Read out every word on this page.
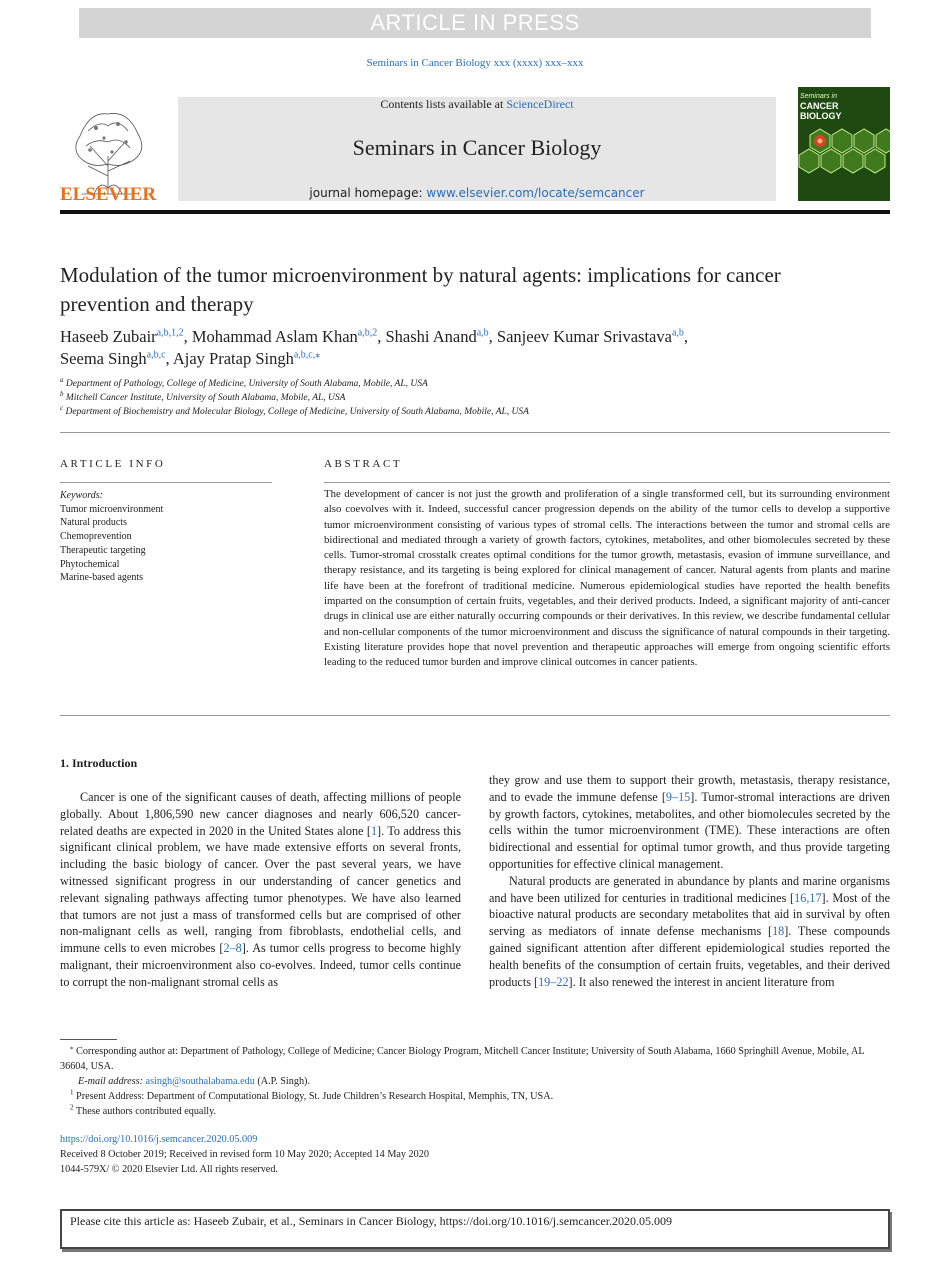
ARTICLE IN PRESS
Seminars in Cancer Biology xxx (xxxx) xxx–xxx
ELSEVIER
Contents lists available at ScienceDirect
Seminars in Cancer Biology
journal homepage: www.elsevier.com/locate/semcancer
Seminars in
CANCER
BIOLOGY
Modulation of the tumor microenvironment by natural agents: implications for cancer prevention and therapy
Haseeb Zubair$^{a,b,1,2}$, Mohammad Aslam Khan$^{a,b,2}$, Shashi Anand$^{a,b}$, Sanjeev Kumar Srivastava$^{a,b}$,
Seema Singh$^{a,b,c}$, Ajay Pratap Singh$^{a,b,c,⁎}$
$^a$ Department of Pathology, College of Medicine, University of South Alabama, Mobile, AL, USA
$^b$ Mitchell Cancer Institute, University of South Alabama, Mobile, AL, USA
$^c$ Department of Biochemistry and Molecular Biology, College of Medicine, University of South Alabama, Mobile, AL, USA
ARTICLE INFO	ABSTRACT
Keywords:
Tumor microenvironment
Natural products
Chemoprevention
Therapeutic targeting
Phytochemical
Marine-based agents
The development of cancer is not just the growth and proliferation of a single transformed cell, but its surrounding environment also coevolves with it. Indeed, successful cancer progression depends on the ability of the tumor cells to develop a supportive tumor microenvironment consisting of various types of stromal cells. The interactions between the tumor and stromal cells are bidirectional and mediated through a variety of growth factors, cytokines, metabolites, and other biomolecules secreted by these cells. Tumor-stromal crosstalk creates optimal conditions for the tumor growth, metastasis, evasion of immune surveillance, and therapy resistance, and its targeting is being explored for clinical management of cancer. Natural agents from plants and marine life have been at the forefront of traditional medicine. Numerous epidemiological studies have reported the health benefits imparted on the consumption of certain fruits, vegetables, and their derived products. Indeed, a significant majority of anti-cancer drugs in clinical use are either naturally occurring compounds or their derivatives. In this review, we describe fundamental cellular and non-cellular components of the tumor microenvironment and discuss the significance of natural compounds in their targeting. Existing literature provides hope that novel prevention and therapeutic approaches will emerge from ongoing scientific efforts leading to the reduced tumor burden and improve clinical outcomes in cancer patients.
1. Introduction

Cancer is one of the significant causes of death, affecting millions of people globally. About 1,806,590 new cancer diagnoses and nearly 606,520 cancer-related deaths are expected in 2020 in the United States alone [1]. To address this significant clinical problem, we have made extensive efforts on several fronts, including the basic biology of cancer. Over the past several years, we have witnessed significant progress in our understanding of cancer genetics and relevant signaling pathways affecting tumor phenotypes. We have also learned that tumors are not just a mass of transformed cells but are comprised of other non-malignant cells as well, ranging from fibroblasts, endothelial cells, and immune cells to even microbes [2–8]. As tumor cells progress to become highly malignant, their microenvironment also co-evolves. Indeed, tumor cells continue to corrupt the non-malignant stromal cells as

they grow and use them to support their growth, metastasis, therapy resistance, and to evade the immune defense [9–15]. Tumor-stromal interactions are driven by growth factors, cytokines, metabolites, and other biomolecules secreted by the cells within the tumor microenvironment (TME). These interactions are often bidirectional and essential for optimal tumor growth, and thus provide targeting opportunities for effective clinical management.

Natural products are generated in abundance by plants and marine organisms and have been utilized for centuries in traditional medicines [16,17]. Most of the bioactive natural products are secondary metabolites that aid in survival by often serving as mediators of innate defense mechanisms [18]. These compounds gained significant attention after different epidemiological studies reported the health benefits of the consumption of certain fruits, vegetables, and their derived products [19–22]. It also renewed the interest in ancient literature from

⁎ Corresponding author at: Department of Pathology, College of Medicine; Cancer Biology Program, Mitchell Cancer Institute; University of South Alabama, 1660 Springhill Avenue, Mobile, AL 36604, USA.
E-mail address: asingh@southalabama.edu (A.P. Singh).
$^1$ Present Address: Department of Computational Biology, St. Jude Children’s Research Hospital, Memphis, TN, USA.
$^2$ These authors contributed equally.
https://doi.org/10.1016/j.semcancer.2020.05.009
Received 8 October 2019; Received in revised form 10 May 2020; Accepted 14 May 2020
1044-579X/ © 2020 Elsevier Ltd. All rights reserved.
Please cite this article as: Haseeb Zubair, et al., Seminars in Cancer Biology, https://doi.org/10.1016/j.semcancer.2020.05.009
